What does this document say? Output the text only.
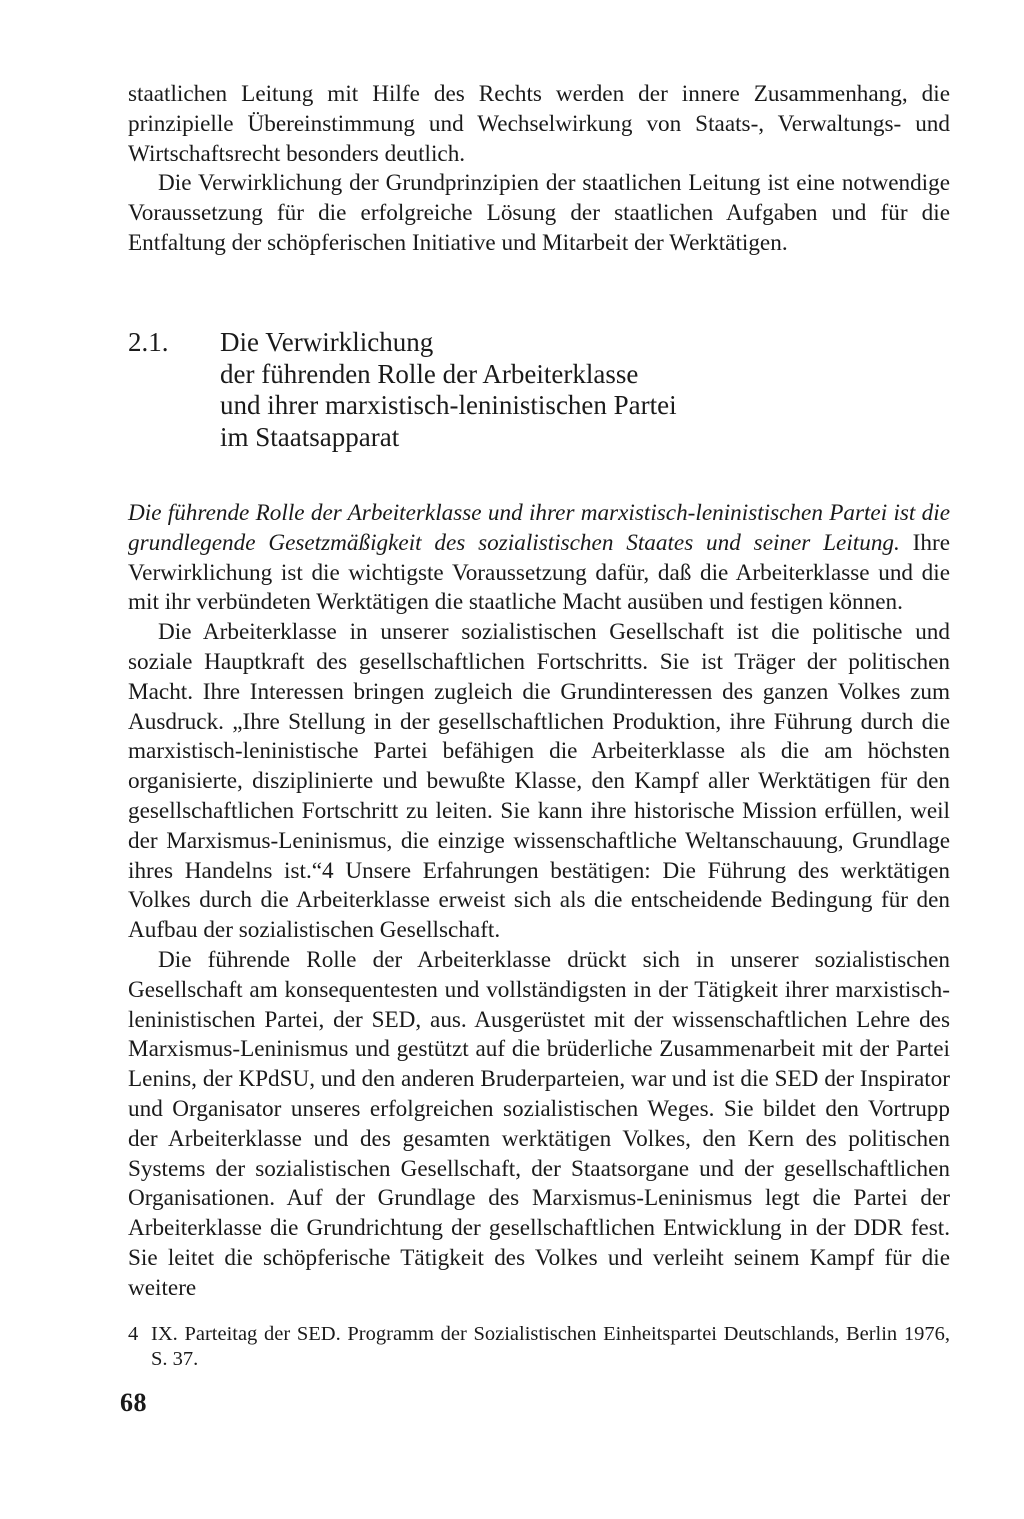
staatlichen Leitung mit Hilfe des Rechts werden der innere Zusammenhang, die prinzipielle Übereinstimmung und Wechselwirkung von Staats-, Verwaltungs- und Wirtschaftsrecht besonders deutlich.

Die Verwirklichung der Grundprinzipien der staatlichen Leitung ist eine notwendige Voraussetzung für die erfolgreiche Lösung der staatlichen Aufgaben und für die Entfaltung der schöpferischen Initiative und Mitarbeit der Werktätigen.

2.1.	Die Verwirklichung
der führenden Rolle der Arbeiterklasse
und ihrer marxistisch-leninistischen Partei
im Staatsapparat

Die führende Rolle der Arbeiterklasse und ihrer marxistisch-leninistischen Partei ist die grundlegende Gesetzmäßigkeit des sozialistischen Staates und seiner Leitung. Ihre Verwirklichung ist die wichtigste Voraussetzung dafür, daß die Arbeiterklasse und die mit ihr verbündeten Werktätigen die staatliche Macht ausüben und festigen können.

Die Arbeiterklasse in unserer sozialistischen Gesellschaft ist die politische und soziale Hauptkraft des gesellschaftlichen Fortschritts. Sie ist Träger der politischen Macht. Ihre Interessen bringen zugleich die Grundinteressen des ganzen Volkes zum Ausdruck. „Ihre Stellung in der gesellschaftlichen Produktion, ihre Führung durch die marxistisch-leninistische Partei befähigen die Arbeiterklasse als die am höchsten organisierte, disziplinierte und bewußte Klasse, den Kampf aller Werktätigen für den gesellschaftlichen Fortschritt zu leiten. Sie kann ihre historische Mission erfüllen, weil der Marxismus-Leninismus, die einzige wissenschaftliche Weltanschauung, Grundlage ihres Handelns ist.“4 Unsere Erfahrungen bestätigen: Die Führung des werktätigen Volkes durch die Arbeiterklasse erweist sich als die entscheidende Bedingung für den Aufbau der sozialistischen Gesellschaft.

Die führende Rolle der Arbeiterklasse drückt sich in unserer sozialistischen Gesellschaft am konsequentesten und vollständigsten in der Tätigkeit ihrer marxistisch-leninistischen Partei, der SED, aus. Ausgerüstet mit der wissenschaftlichen Lehre des Marxismus-Leninismus und gestützt auf die brüderliche Zusammenarbeit mit der Partei Lenins, der KPdSU, und den anderen Bruderparteien, war und ist die SED der Inspirator und Organisator unseres erfolgreichen sozialistischen Weges. Sie bildet den Vortrupp der Arbeiterklasse und des gesamten werktätigen Volkes, den Kern des politischen Systems der sozialistischen Gesellschaft, der Staatsorgane und der gesellschaftlichen Organisationen. Auf der Grundlage des Marxismus-Leninismus legt die Partei der Arbeiterklasse die Grundrichtung der gesellschaftlichen Entwicklung in der DDR fest. Sie leitet die schöpferische Tätigkeit des Volkes und verleiht seinem Kampf für die weitere

4 IX. Parteitag der SED. Programm der Sozialistischen Einheitspartei Deutschlands, Berlin 1976, S. 37.
68
